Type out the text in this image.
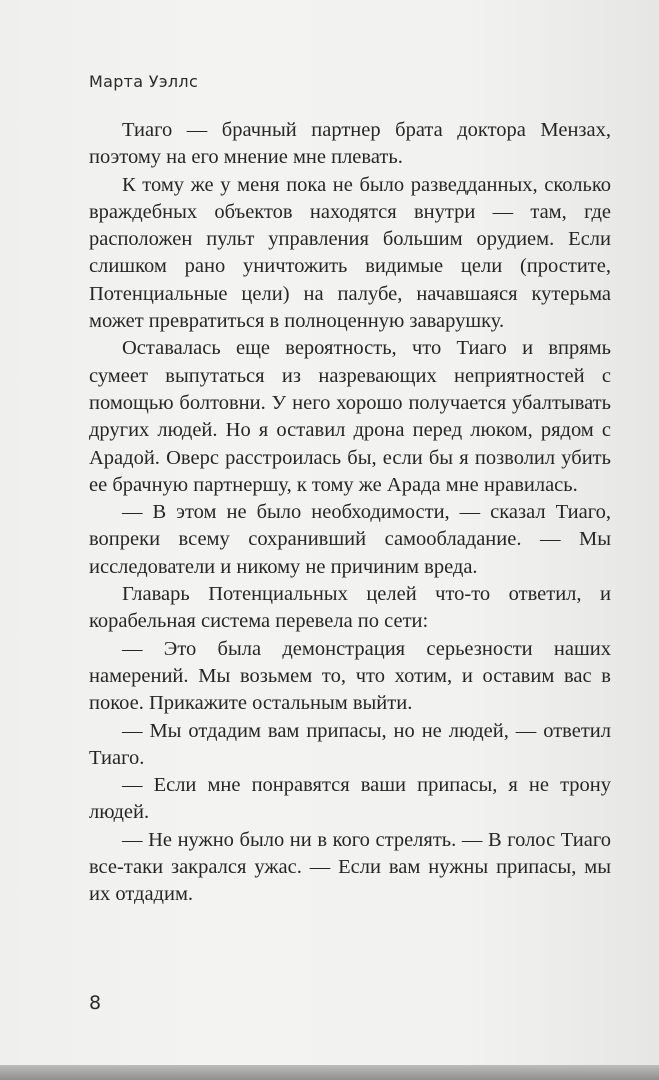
Марта Уэллс

Тиаго — брачный партнер брата доктора Мензах, поэтому на его мнение мне плевать.

К тому же у меня пока не было разведданных, сколько враждебных объектов находятся внутри — там, где расположен пульт управления большим орудием. Если слишком рано уничтожить видимые цели (простите, Потенциальные цели) на палубе, начавшаяся кутерьма может превратиться в полноценную заварушку.

Оставалась еще вероятность, что Тиаго и впрямь сумеет выпутаться из назревающих неприятностей с помощью болтовни. У него хорошо получается убалтывать других людей. Но я оставил дрона перед люком, рядом с Арадой. Оверс расстроилась бы, если бы я позволил убить ее брачную партнершу, к тому же Арада мне нравилась.

— В этом не было необходимости, — сказал Тиаго, вопреки всему сохранивший самообладание. — Мы исследователи и никому не причиним вреда.

Главарь Потенциальных целей что-то ответил, и корабельная система перевела по сети:

— Это была демонстрация серьезности наших намерений. Мы возьмем то, что хотим, и оставим вас в покое. Прикажите остальным выйти.

— Мы отдадим вам припасы, но не людей, — ответил Тиаго.

— Если мне понравятся ваши припасы, я не трону людей.

— Не нужно было ни в кого стрелять. — В голос Тиаго все-таки закрался ужас. — Если вам нужны припасы, мы их отдадим.

8
